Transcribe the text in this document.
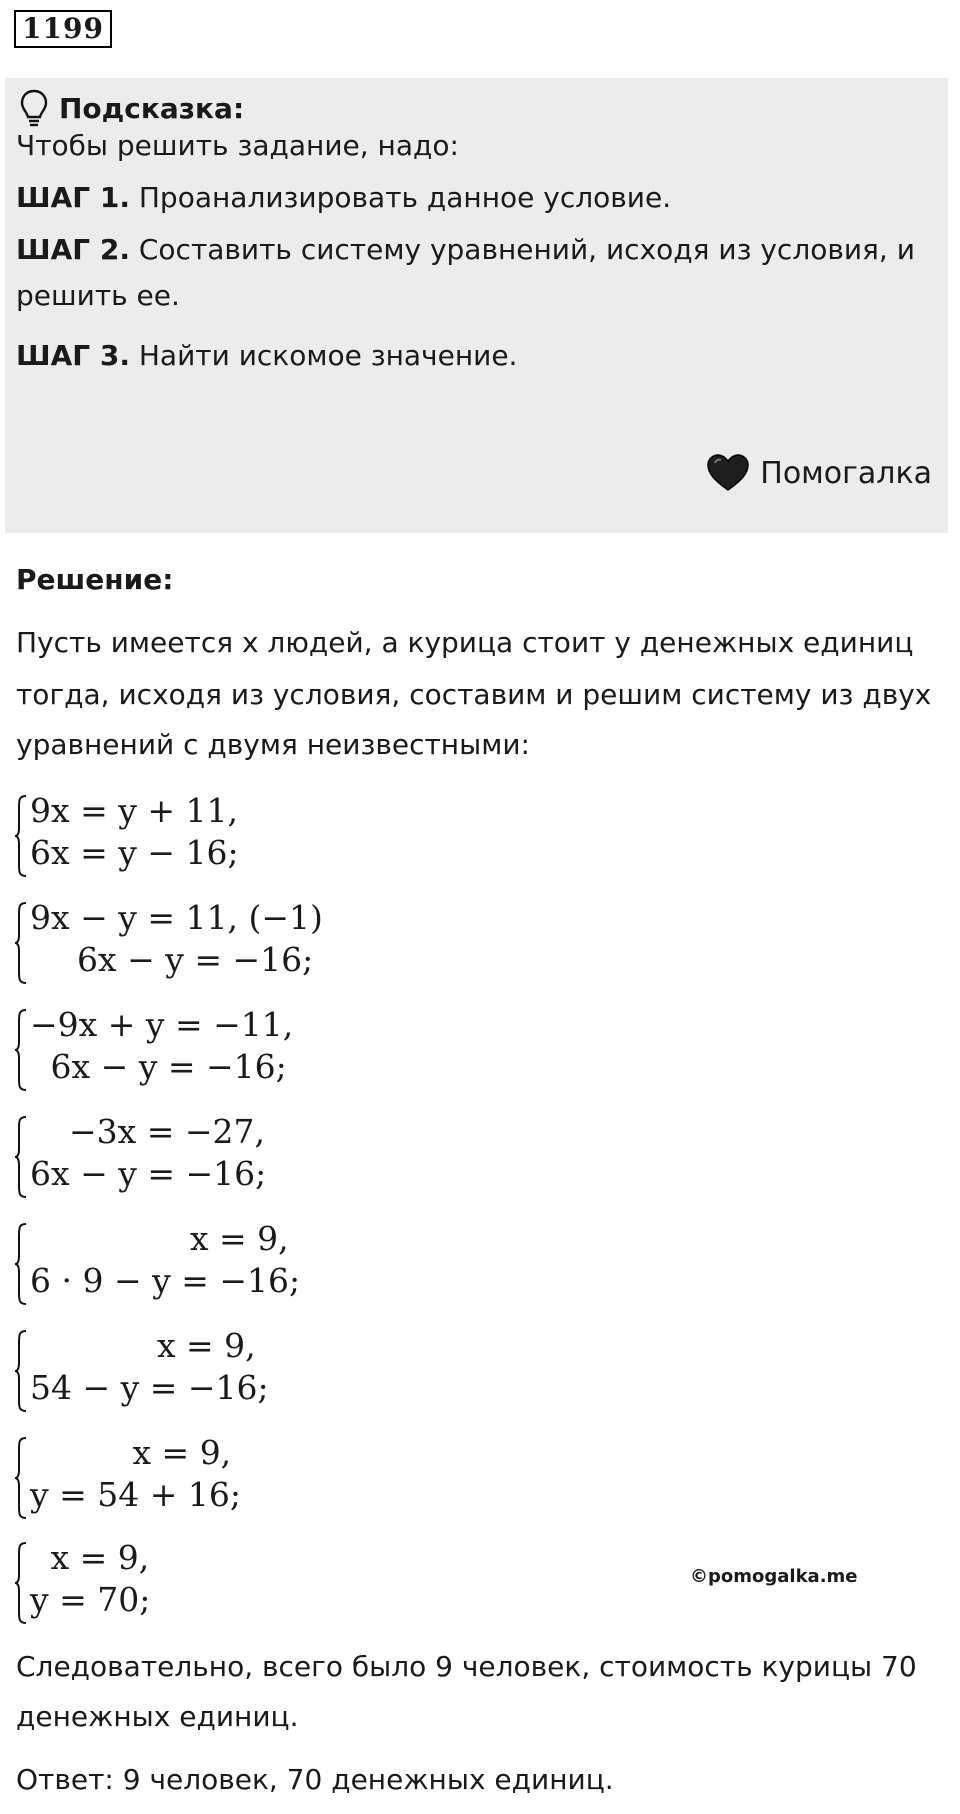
1199
Подсказка:
Чтобы решить задание, надо:
ШАГ 1. Проанализировать данное условие.
ШАГ 2. Составить систему уравнений, исходя из условия, и
решить ее.
ШАГ 3. Найти искомое значение.
Помогалка
Решение:
Пусть имеется x людей, а курица стоит y денежных единиц
тогда, исходя из условия, составим и решим систему из двух
уравнений с двумя неизвестными:
9x = y + 11,
6x = y − 16;
9x − y = 11, (−1)
6x − y = −16;
−9x + y = −11,
6x − y = −16;
−3x = −27,
6x − y = −16;
x = 9,
6 · 9 − y = −16;
x = 9,
54 − y = −16;
x = 9,
y = 54 + 16;
x = 9,
y = 70;
©pomogalka.me
Следовательно, всего было 9 человек, стоимость курицы 70
денежных единиц.
Ответ: 9 человек, 70 денежных единиц.
